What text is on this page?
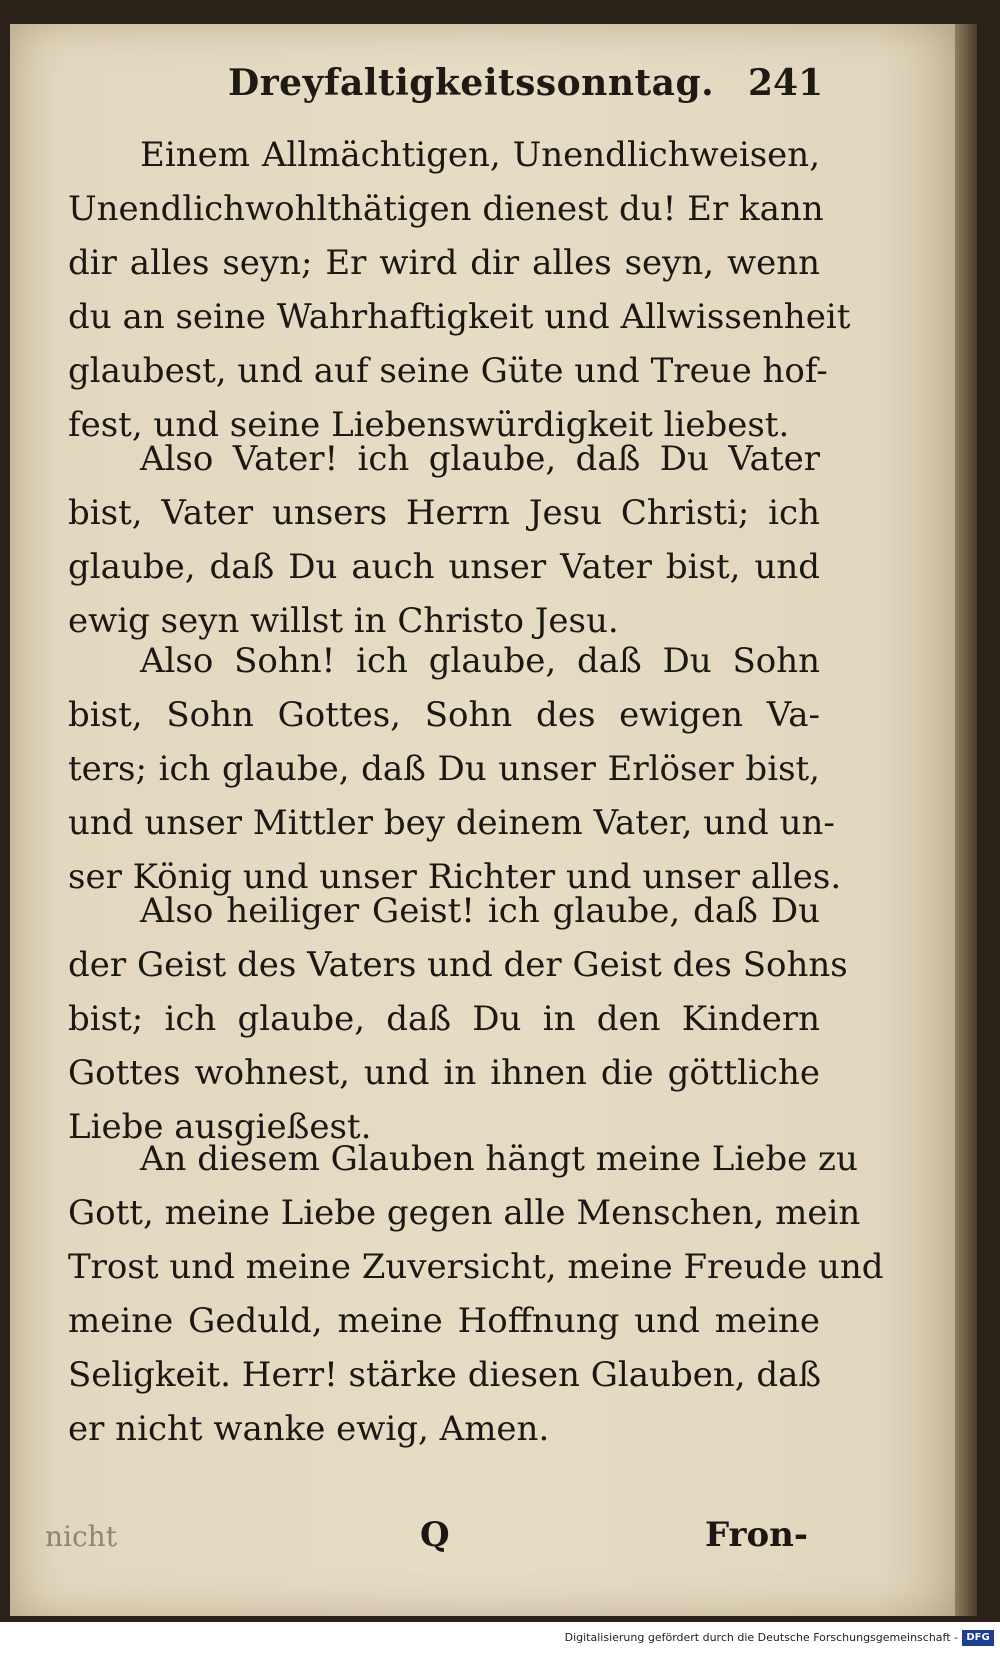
Dreyfaltigkeitssonntag. 241
Einem Allmächtigen, Unendlichweisen,
Unendlichwohlthätigen dienest du! Er kann
dir alles seyn; Er wird dir alles seyn, wenn
du an seine Wahrhaftigkeit und Allwissenheit
glaubest, und auf seine Güte und Treue hof-
fest, und seine Liebenswürdigkeit liebest.
Also Vater! ich glaube, daß Du Vater
bist, Vater unsers Herrn Jesu Christi; ich
glaube, daß Du auch unser Vater bist, und
ewig seyn willst in Christo Jesu.
Also Sohn! ich glaube, daß Du Sohn
bist, Sohn Gottes, Sohn des ewigen Va-
ters; ich glaube, daß Du unser Erlöser bist,
und unser Mittler bey deinem Vater, und un-
ser König und unser Richter und unser alles.
Also heiliger Geist! ich glaube, daß Du
der Geist des Vaters und der Geist des Sohns
bist; ich glaube, daß Du in den Kindern
Gottes wohnest, und in ihnen die göttliche
Liebe ausgießest.
An diesem Glauben hängt meine Liebe zu
Gott, meine Liebe gegen alle Menschen, mein
Trost und meine Zuversicht, meine Freude und
meine Geduld, meine Hoffnung und meine
Seligkeit. Herr! stärke diesen Glauben, daß
er nicht wanke ewig, Amen.
nicht	Q	Fron-
Digitalisierung gefördert durch die Deutsche Forschungsgemeinschaft - DFG
